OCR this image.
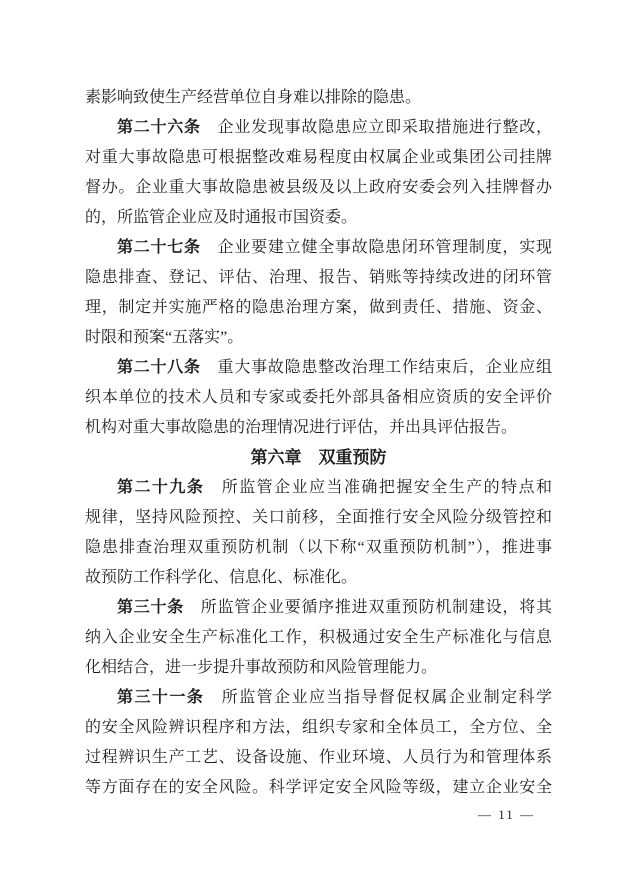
素影响致使生产经营单位自身难以排除的隐患。
第二十六条　企业发现事故隐患应立即采取措施进行整改，
对重大事故隐患可根据整改难易程度由权属企业或集团公司挂牌
督办。企业重大事故隐患被县级及以上政府安委会列入挂牌督办
的，所监管企业应及时通报市国资委。
第二十七条　企业要建立健全事故隐患闭环管理制度，实现
隐患排查、登记、评估、治理、报告、销账等持续改进的闭环管
理，制定并实施严格的隐患治理方案，做到责任、措施、资金、
时限和预案“五落实”。
第二十八条　重大事故隐患整改治理工作结束后，企业应组
织本单位的技术人员和专家或委托外部具备相应资质的安全评价
机构对重大事故隐患的治理情况进行评估，并出具评估报告。
第六章　双重预防
第二十九条　所监管企业应当准确把握安全生产的特点和
规律，坚持风险预控、关口前移，全面推行安全风险分级管控和
隐患排查治理双重预防机制（以下称“双重预防机制”），推进事
故预防工作科学化、信息化、标准化。
第三十条　所监管企业要循序推进双重预防机制建设，将其
纳入企业安全生产标准化工作，积极通过安全生产标准化与信息
化相结合，进一步提升事故预防和风险管理能力。
第三十一条　所监管企业应当指导督促权属企业制定科学
的安全风险辨识程序和方法，组织专家和全体员工，全方位、全
过程辨识生产工艺、设备设施、作业环境、人员行为和管理体系
等方面存在的安全风险。科学评定安全风险等级，建立企业安全
— 11 —
